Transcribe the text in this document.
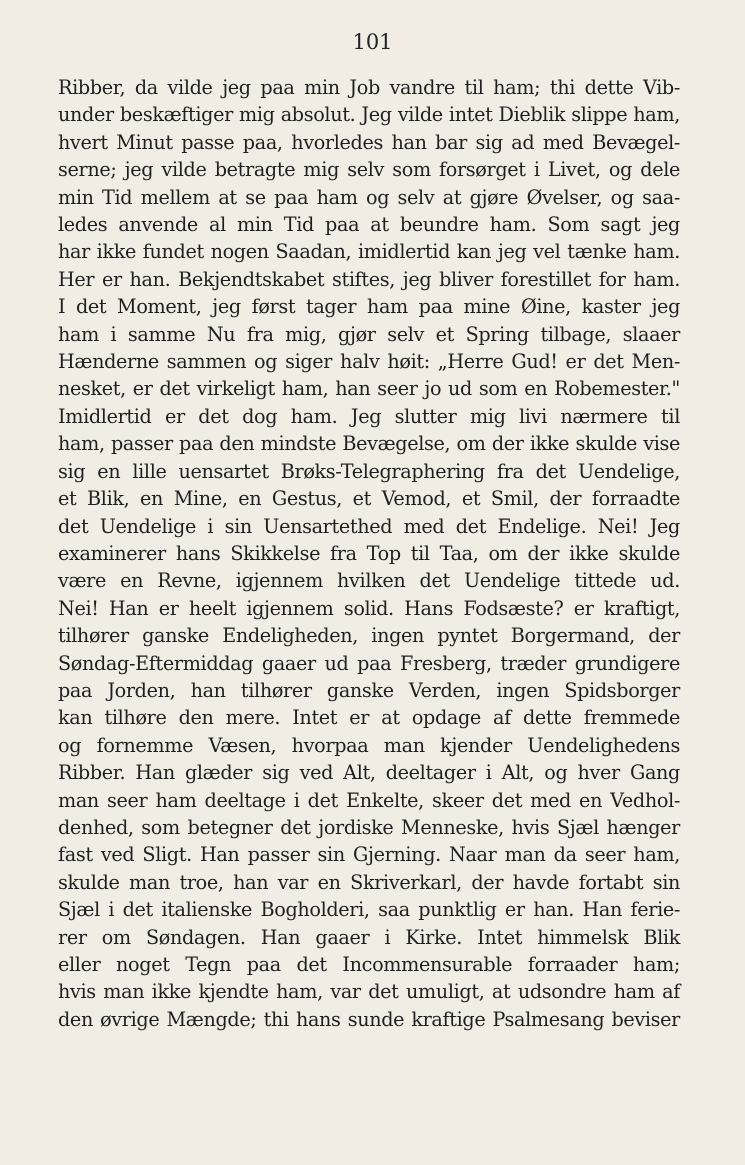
101
Ribber, da vilde jeg paa min Job vandre til ham; thi dette Vib-
under beskæftiger mig absolut. Jeg vilde intet Dieblik slippe ham,
hvert Minut passe paa, hvorledes han bar sig ad med Bevægel-
serne; jeg vilde betragte mig selv som forsørget i Livet, og dele
min Tid mellem at se paa ham og selv at gjøre Øvelser, og saa-
ledes anvende al min Tid paa at beundre ham. Som sagt jeg
har ikke fundet nogen Saadan, imidlertid kan jeg vel tænke ham.
Her er han. Bekjendtskabet stiftes, jeg bliver forestillet for ham.
I det Moment, jeg først tager ham paa mine Øine, kaster jeg
ham i samme Nu fra mig, gjør selv et Spring tilbage, slaaer
Hænderne sammen og siger halv høit: „Herre Gud! er det Men-
nesket, er det virkeligt ham, han seer jo ud som en Robemester."
Imidlertid er det dog ham. Jeg slutter mig livi nærmere til
ham, passer paa den mindste Bevægelse, om der ikke skulde vise
sig en lille uensartet Brøks-Telegraphering fra det Uendelige,
et Blik, en Mine, en Gestus, et Vemod, et Smil, der forraadte
det Uendelige i sin Uensartethed med det Endelige. Nei! Jeg
examinerer hans Skikkelse fra Top til Taa, om der ikke skulde
være en Revne, igjennem hvilken det Uendelige tittede ud.
Nei! Han er heelt igjennem solid. Hans Fodsæste? er kraftigt,
tilhører ganske Endeligheden, ingen pyntet Borgermand, der
Søndag-Eftermiddag gaaer ud paa Fresberg, træder grundigere
paa Jorden, han tilhører ganske Verden, ingen Spidsborger
kan tilhøre den mere. Intet er at opdage af dette fremmede
og fornemme Væsen, hvorpaa man kjender Uendelighedens
Ribber. Han glæder sig ved Alt, deeltager i Alt, og hver Gang
man seer ham deeltage i det Enkelte, skeer det med en Vedhol-
denhed, som betegner det jordiske Menneske, hvis Sjæl hænger
fast ved Sligt. Han passer sin Gjerning. Naar man da seer ham,
skulde man troe, han var en Skriverkarl, der havde fortabt sin
Sjæl i det italienske Bogholderi, saa punktlig er han. Han ferie-
rer om Søndagen. Han gaaer i Kirke. Intet himmelsk Blik
eller noget Tegn paa det Incommensurable forraader ham;
hvis man ikke kjendte ham, var det umuligt, at udsondre ham af
den øvrige Mængde; thi hans sunde kraftige Psalmesang beviser
